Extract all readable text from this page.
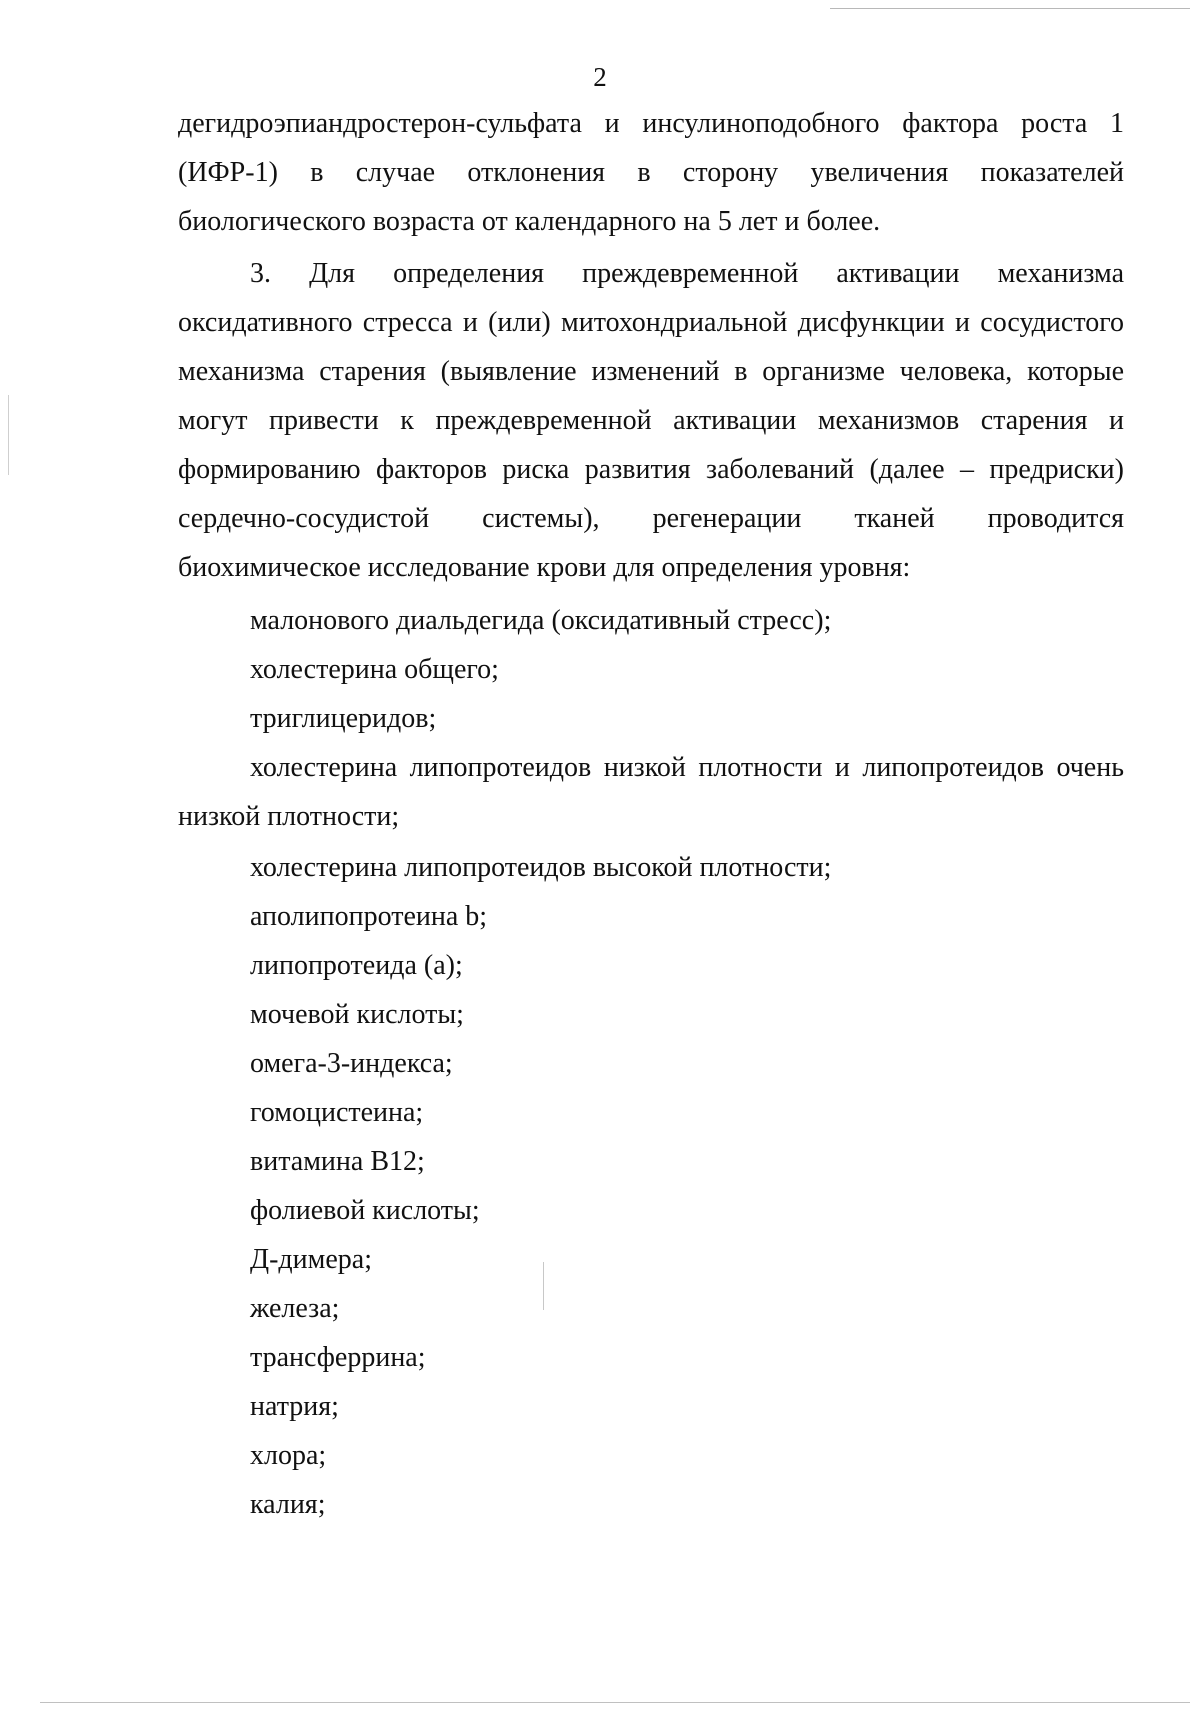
2
дегидроэпиандростерон-сульфата и инсулиноподобного фактора роста 1 (ИФР-1) в случае отклонения в сторону увеличения показателей биологического возраста от календарного на 5 лет и более.
3. Для определения преждевременной активации механизма оксидативного стресса и (или) митохондриальной дисфункции и сосудистого механизма старения (выявление изменений в организме человека, которые могут привести к преждевременной активации механизмов старения и формированию факторов риска развития заболеваний (далее – предриски) сердечно-сосудистой системы), регенерации тканей проводится биохимическое исследование крови для определения уровня:
малонового диальдегида (оксидативный стресс);
холестерина общего;
триглицеридов;
холестерина липопротеидов низкой плотности и липопротеидов очень низкой плотности;
холестерина липопротеидов высокой плотности;
аполипопротеина b;
липопротеида (а);
мочевой кислоты;
омега-3-индекса;
гомоцистеина;
витамина B12;
фолиевой кислоты;
Д-димера;
железа;
трансферрина;
натрия;
хлора;
калия;
